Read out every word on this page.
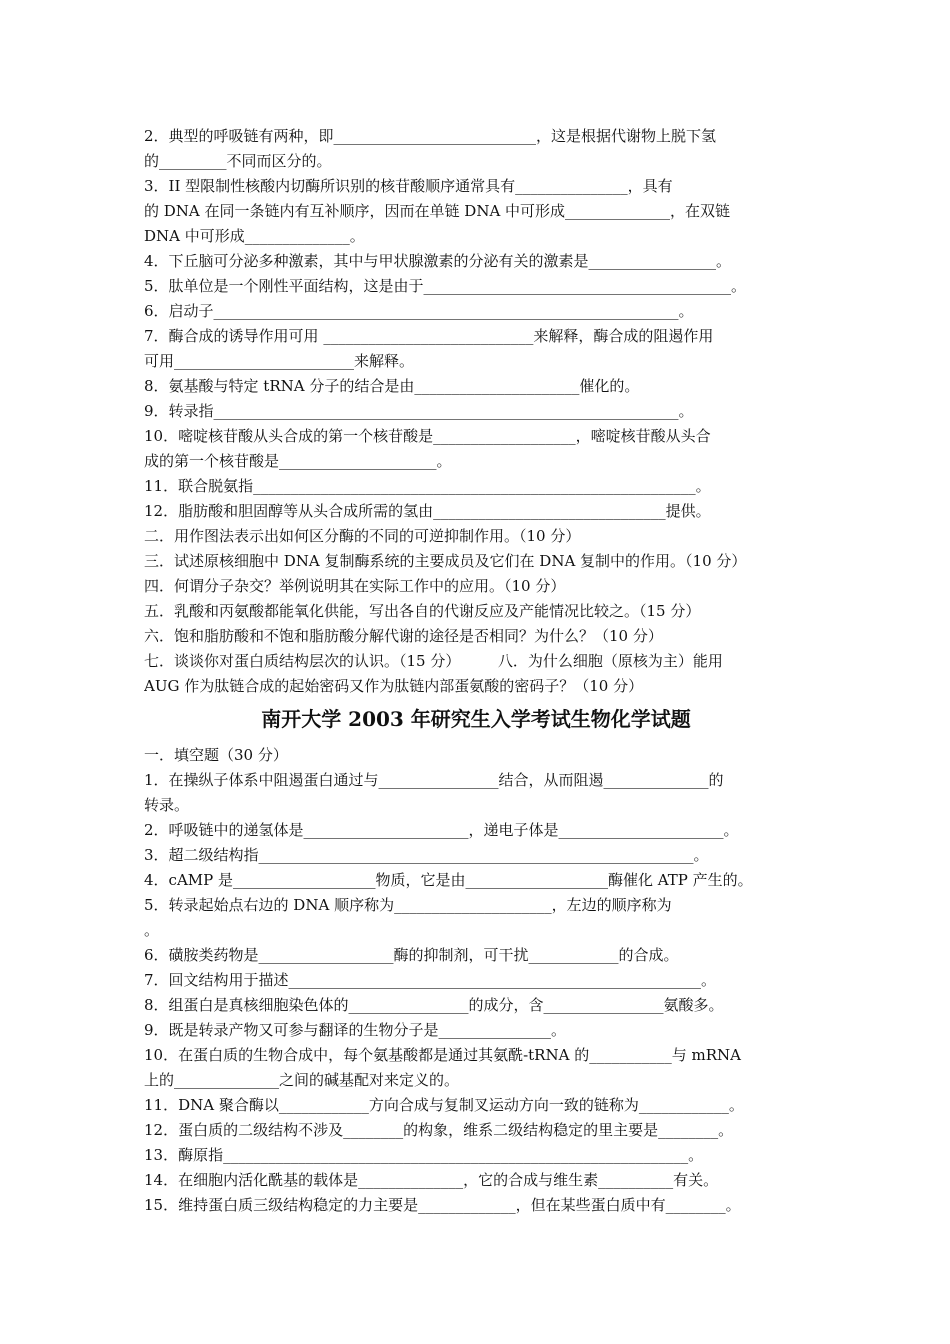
2．典型的呼吸链有两种，即___________________________，这是根据代谢物上脱下氢
的_________不同而区分的。
3．II 型限制性核酸内切酶所识别的核苷酸顺序通常具有_______________，具有
的 DNA 在同一条链内有互补顺序，因而在单链 DNA 中可形成______________，在双链
DNA 中可形成______________。
4．下丘脑可分泌多种激素，其中与甲状腺激素的分泌有关的激素是_________________。
5．肽单位是一个刚性平面结构，这是由于_________________________________________。
6．启动子______________________________________________________________。
7．酶合成的诱导作用可用 ____________________________来解释，酶合成的阻遏作用
可用________________________来解释。
8．氨基酸与特定 tRNA 分子的结合是由______________________催化的。
9．转录指______________________________________________________________。
10．嘧啶核苷酸从头合成的第一个核苷酸是___________________，嘧啶核苷酸从头合
成的第一个核苷酸是_____________________。
11．联合脱氨指___________________________________________________________。
12．脂肪酸和胆固醇等从头合成所需的氢由_______________________________提供。
二．用作图法表示出如何区分酶的不同的可逆抑制作用。（10 分）
三．试述原核细胞中 DNA 复制酶系统的主要成员及它们在 DNA 复制中的作用。（10 分）
四．何谓分子杂交？举例说明其在实际工作中的应用。（10 分）
五．乳酸和丙氨酸都能氧化供能，写出各自的代谢反应及产能情况比较之。（15 分）
六．饱和脂肪酸和不饱和脂肪酸分解代谢的途径是否相同？为什么？（10 分）
七．谈谈你对蛋白质结构层次的认识。（15 分）　　　八．为什么细胞（原核为主）能用
AUG 作为肽链合成的起始密码又作为肽链内部蛋氨酸的密码子？（10 分）
南开大学 2003 年研究生入学考试生物化学试题
一．填空题（30 分）
1．在操纵子体系中阻遏蛋白通过与________________结合，从而阻遏______________的
转录。
2．呼吸链中的递氢体是______________________，递电子体是______________________。
3．超二级结构指__________________________________________________________。
4．cAMP 是___________________物质，它是由___________________酶催化 ATP 产生的。
5．转录起始点右边的 DNA 顺序称为_____________________，左边的顺序称为
。
6．磺胺类药物是__________________酶的抑制剂，可干扰____________的合成。
7．回文结构用于描述_______________________________________________________。
8．组蛋白是真核细胞染色体的________________的成分，含________________氨酸多。
9．既是转录产物又可参与翻译的生物分子是_______________。
10．在蛋白质的生物合成中，每个氨基酸都是通过其氨酰-tRNA 的___________与 mRNA
上的______________之间的碱基配对来定义的。
11．DNA 聚合酶以____________方向合成与复制叉运动方向一致的链称为____________。
12．蛋白质的二级结构不涉及________的构象，维系二级结构稳定的里主要是________。
13．酶原指______________________________________________________________。
14．在细胞内活化酰基的载体是______________，它的合成与维生素__________有关。
15．维持蛋白质三级结构稳定的力主要是_____________，但在某些蛋白质中有________。
